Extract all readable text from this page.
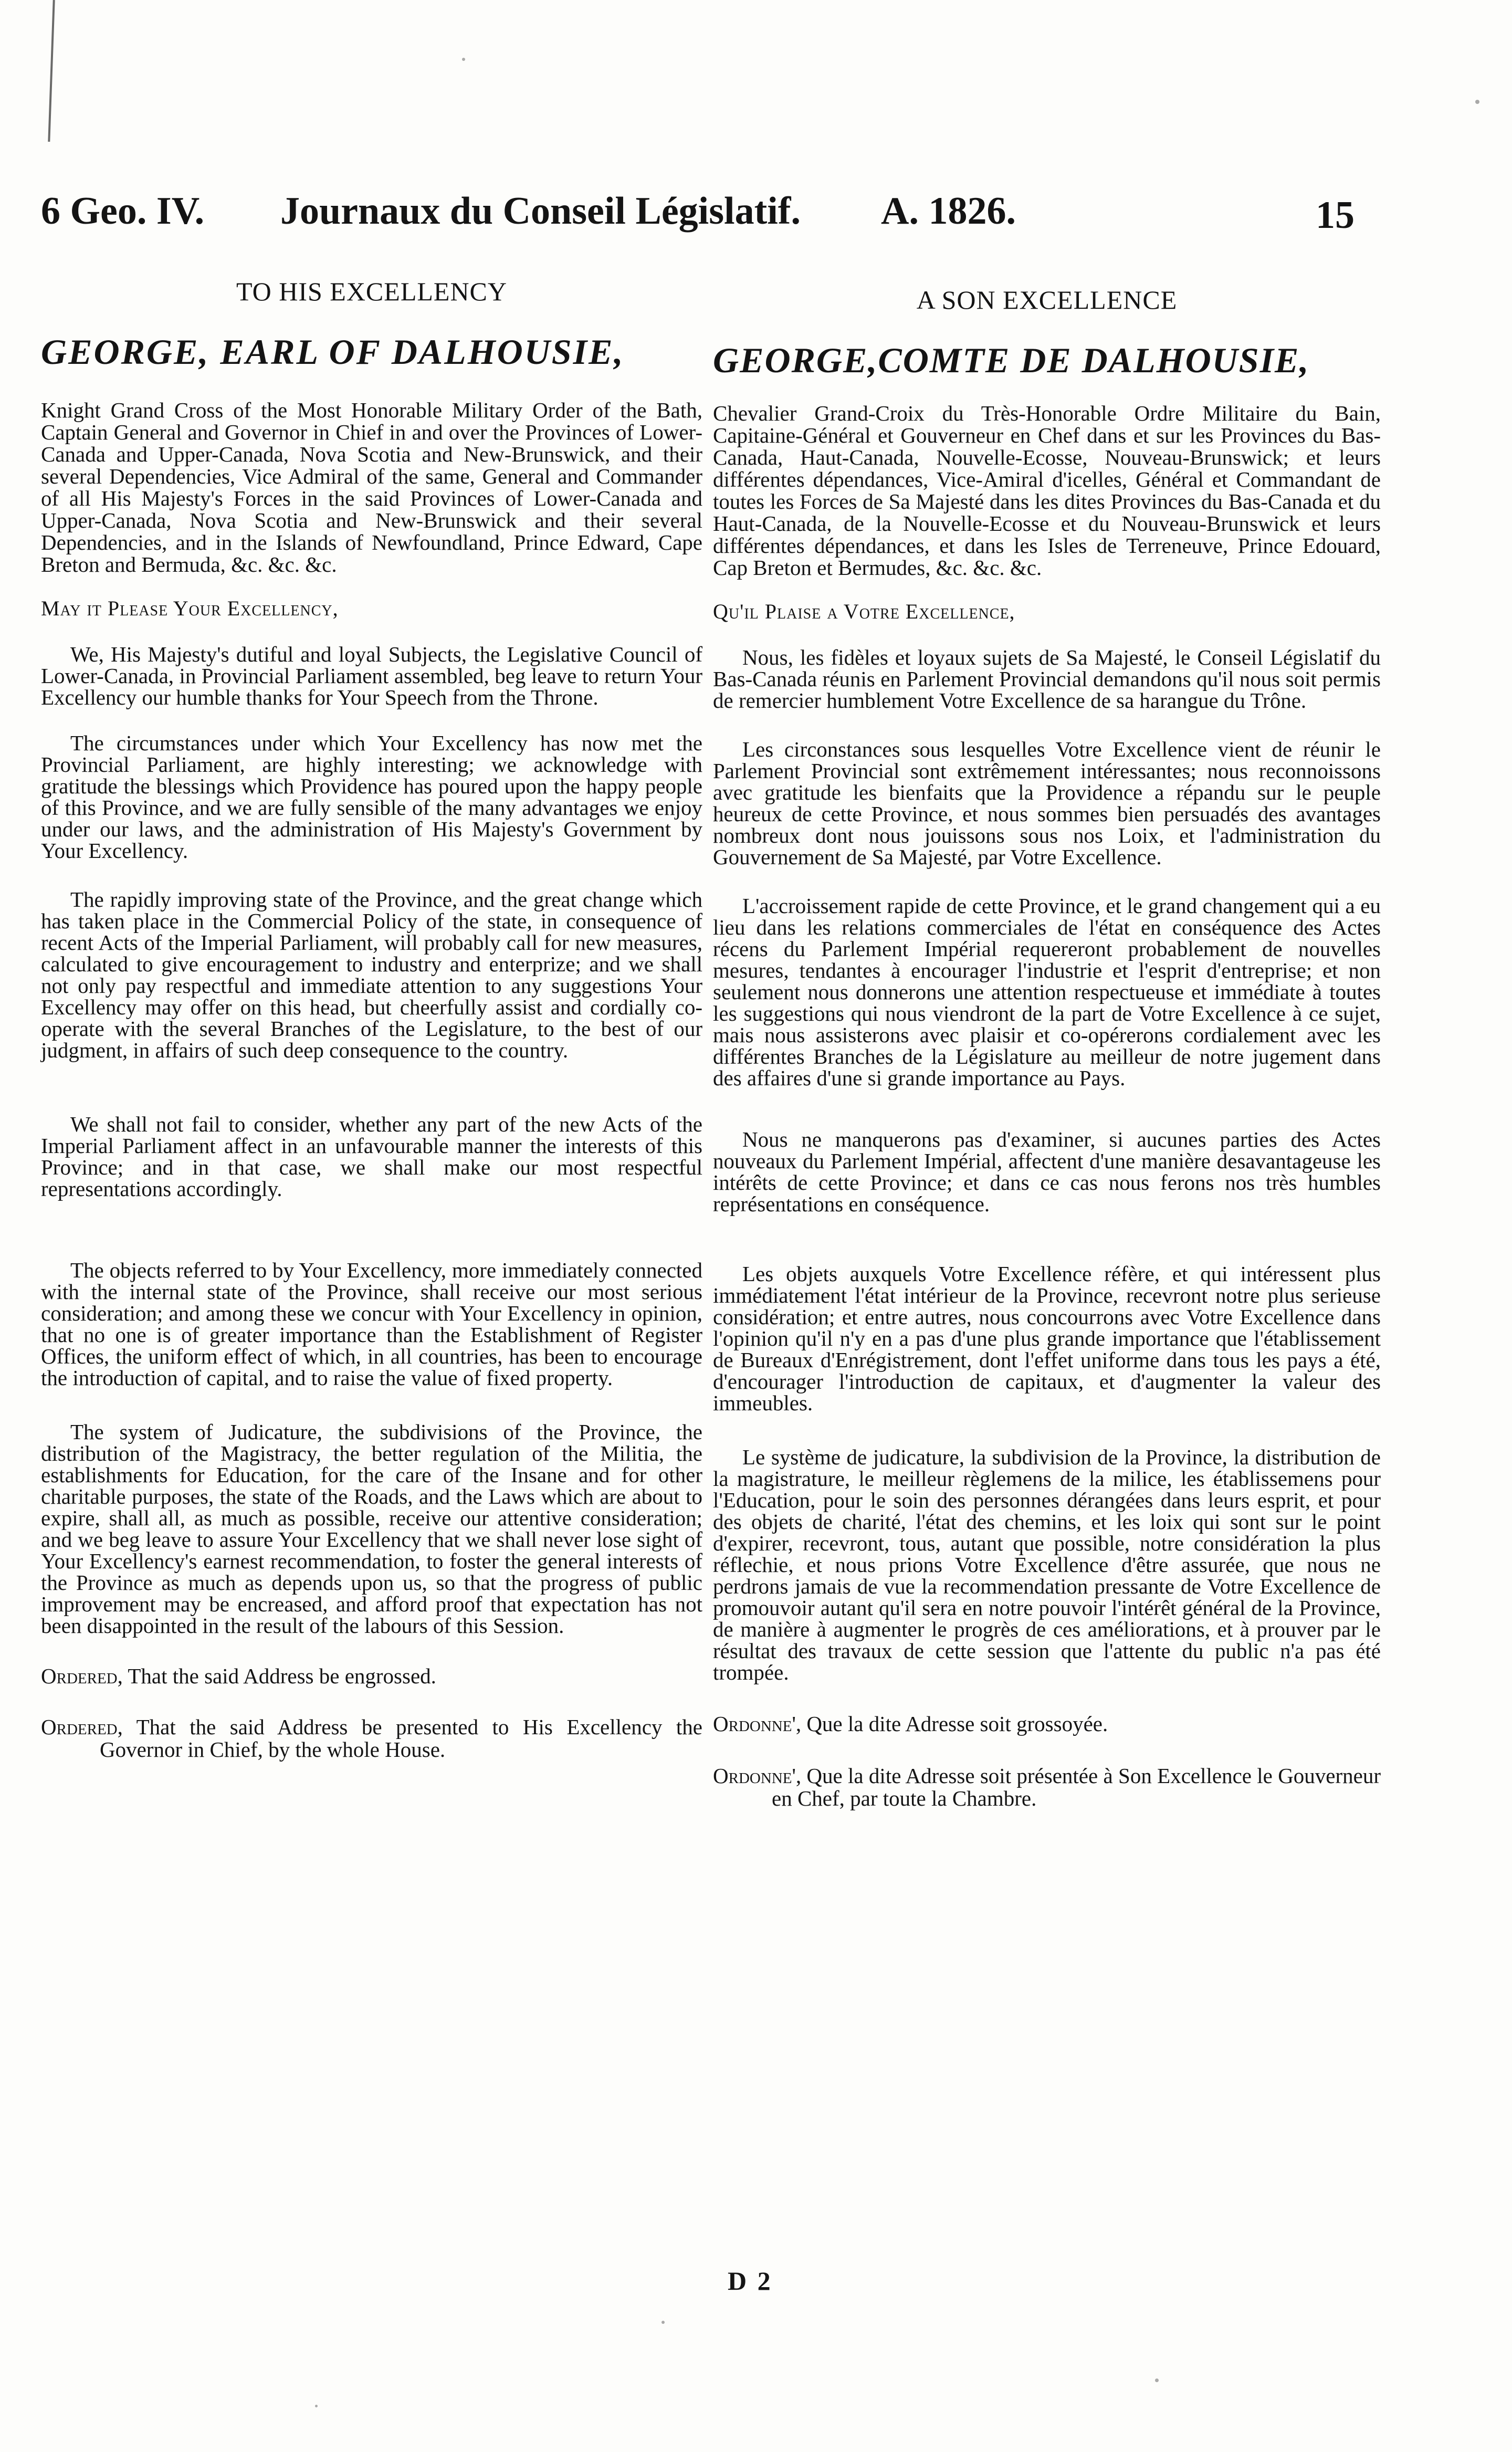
6 Geo. IV. Journaux du Conseil Législatif. A. 1826.	15
TO HIS EXCELLENCY
GEORGE, EARL OF DALHOUSIE,

Knight Grand Cross of the Most Honorable Military Order of the Bath, Captain General and Governor in Chief in and over the Provinces of Lower-Canada and Upper-Canada, Nova Scotia and New-Brunswick, and their several Dependencies, Vice Admiral of the same, General and Commander of all His Majesty's Forces in the said Provinces of Lower-Canada and Upper-Canada, Nova Scotia and New-Brunswick and their several Dependencies, and in the Islands of Newfoundland, Prince Edward, Cape Breton and Bermuda, &c. &c. &c.

May it Please Your Excellency,

We, His Majesty's dutiful and loyal Subjects, the Legislative Council of Lower-Canada, in Provincial Parliament assembled, beg leave to return Your Excellency our humble thanks for Your Speech from the Throne.

The circumstances under which Your Excellency has now met the Provincial Parliament, are highly interesting; we acknowledge with gratitude the blessings which Providence has poured upon the happy people of this Province, and we are fully sensible of the many advantages we enjoy under our laws, and the administration of His Majesty's Government by Your Excellency.

The rapidly improving state of the Province, and the great change which has taken place in the Commercial Policy of the state, in consequence of recent Acts of the Imperial Parliament, will probably call for new measures, calculated to give encouragement to industry and enterprize; and we shall not only pay respectful and immediate attention to any suggestions Your Excellency may offer on this head, but cheerfully assist and cordially co-operate with the several Branches of the Legislature, to the best of our judgment, in affairs of such deep consequence to the country.

We shall not fail to consider, whether any part of the new Acts of the Imperial Parliament affect in an unfavourable manner the interests of this Province; and in that case, we shall make our most respectful representations accordingly.

The objects referred to by Your Excellency, more immediately connected with the internal state of the Province, shall receive our most serious consideration; and among these we concur with Your Excellency in opinion, that no one is of greater importance than the Establishment of Register Offices, the uniform effect of which, in all countries, has been to encourage the introduction of capital, and to raise the value of fixed property.

The system of Judicature, the subdivisions of the Province, the distribution of the Magistracy, the better regulation of the Militia, the establishments for Education, for the care of the Insane and for other charitable purposes, the state of the Roads, and the Laws which are about to expire, shall all, as much as possible, receive our attentive consideration; and we beg leave to assure Your Excellency that we shall never lose sight of Your Excellency's earnest recommendation, to foster the general interests of the Province as much as depends upon us, so that the progress of public improvement may be encreased, and afford proof that expectation has not been disappointed in the result of the labours of this Session.

Ordered, That the said Address be engrossed.

Ordered, That the said Address be presented to His Excellency the Governor in Chief, by the whole House.

A SON EXCELLENCE
GEORGE,COMTE DE DALHOUSIE,

Chevalier Grand-Croix du Très-Honorable Ordre Militaire du Bain, Capitaine-Général et Gouverneur en Chef dans et sur les Provinces du Bas-Canada, Haut-Canada, Nouvelle-Ecosse, Nouveau-Brunswick; et leurs différentes dépendances, Vice-Amiral d'icelles, Général et Commandant de toutes les Forces de Sa Majesté dans les dites Provinces du Bas-Canada et du Haut-Canada, de la Nouvelle-Ecosse et du Nouveau-Brunswick et leurs différentes dépendances, et dans les Isles de Terreneuve, Prince Edouard, Cap Breton et Bermudes, &c. &c. &c.

Qu'il Plaise a Votre Excellence,

Nous, les fidèles et loyaux sujets de Sa Majesté, le Conseil Législatif du Bas-Canada réunis en Parlement Provincial demandons qu'il nous soit permis de remercier humblement Votre Excellence de sa harangue du Trône.

Les circonstances sous lesquelles Votre Excellence vient de réunir le Parlement Provincial sont extrêmement intéressantes; nous reconnoissons avec gratitude les bienfaits que la Providence a répandu sur le peuple heureux de cette Province, et nous sommes bien persuadés des avantages nombreux dont nous jouissons sous nos Loix, et l'administration du Gouvernement de Sa Majesté, par Votre Excellence.

L'accroissement rapide de cette Province, et le grand changement qui a eu lieu dans les relations commerciales de l'état en conséquence des Actes récens du Parlement Impérial requereront probablement de nouvelles mesures, tendantes à encourager l'industrie et l'esprit d'entreprise; et non seulement nous donnerons une attention respectueuse et immédiate à toutes les suggestions qui nous viendront de la part de Votre Excellence à ce sujet, mais nous assisterons avec plaisir et co-opérerons cordialement avec les différentes Branches de la Législature au meilleur de notre jugement dans des affaires d'une si grande importance au Pays.

Nous ne manquerons pas d'examiner, si aucunes parties des Actes nouveaux du Parlement Impérial, affectent d'une manière desavantageuse les intérêts de cette Province; et dans ce cas nous ferons nos très humbles représentations en conséquence.

Les objets auxquels Votre Excellence réfère, et qui intéressent plus immédiatement l'état intérieur de la Province, recevront notre plus serieuse considération; et entre autres, nous concourrons avec Votre Excellence dans l'opinion qu'il n'y en a pas d'une plus grande importance que l'établissement de Bureaux d'Enrégistrement, dont l'effet uniforme dans tous les pays a été, d'encourager l'introduction de capitaux, et d'augmenter la valeur des immeubles.

Le système de judicature, la subdivision de la Province, la distribution de la magistrature, le meilleur règlemens de la milice, les établissemens pour l'Education, pour le soin des personnes dérangées dans leurs esprit, et pour des objets de charité, l'état des chemins, et les loix qui sont sur le point d'expirer, recevront, tous, autant que possible, notre considération la plus réflechie, et nous prions Votre Excellence d'être assurée, que nous ne perdrons jamais de vue la recommendation pressante de Votre Excellence de promouvoir autant qu'il sera en notre pouvoir l'intérêt général de la Province, de manière à augmenter le progrès de ces améliorations, et à prouver par le résultat des travaux de cette session que l'attente du public n'a pas été trompée.

Ordonne', Que la dite Adresse soit grossoyée.

Ordonne', Que la dite Adresse soit présentée à Son Excellence le Gouverneur en Chef, par toute la Chambre.

D 2
